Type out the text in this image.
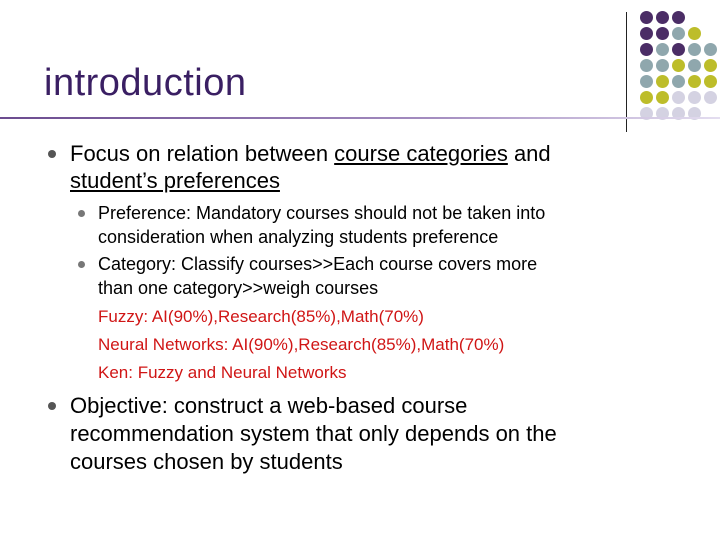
introduction
Focus on relation between course categories and
student’s preferences
Preference: Mandatory courses should not be taken into
consideration when analyzing students preference
Category: Classify courses>>Each course covers more
than one category>>weigh courses
Fuzzy: AI(90%),Research(85%),Math(70%)
Neural Networks: AI(90%),Research(85%),Math(70%)
Ken: Fuzzy and Neural Networks
Objective: construct a web-based course
recommendation system that only depends on the
courses chosen by students
